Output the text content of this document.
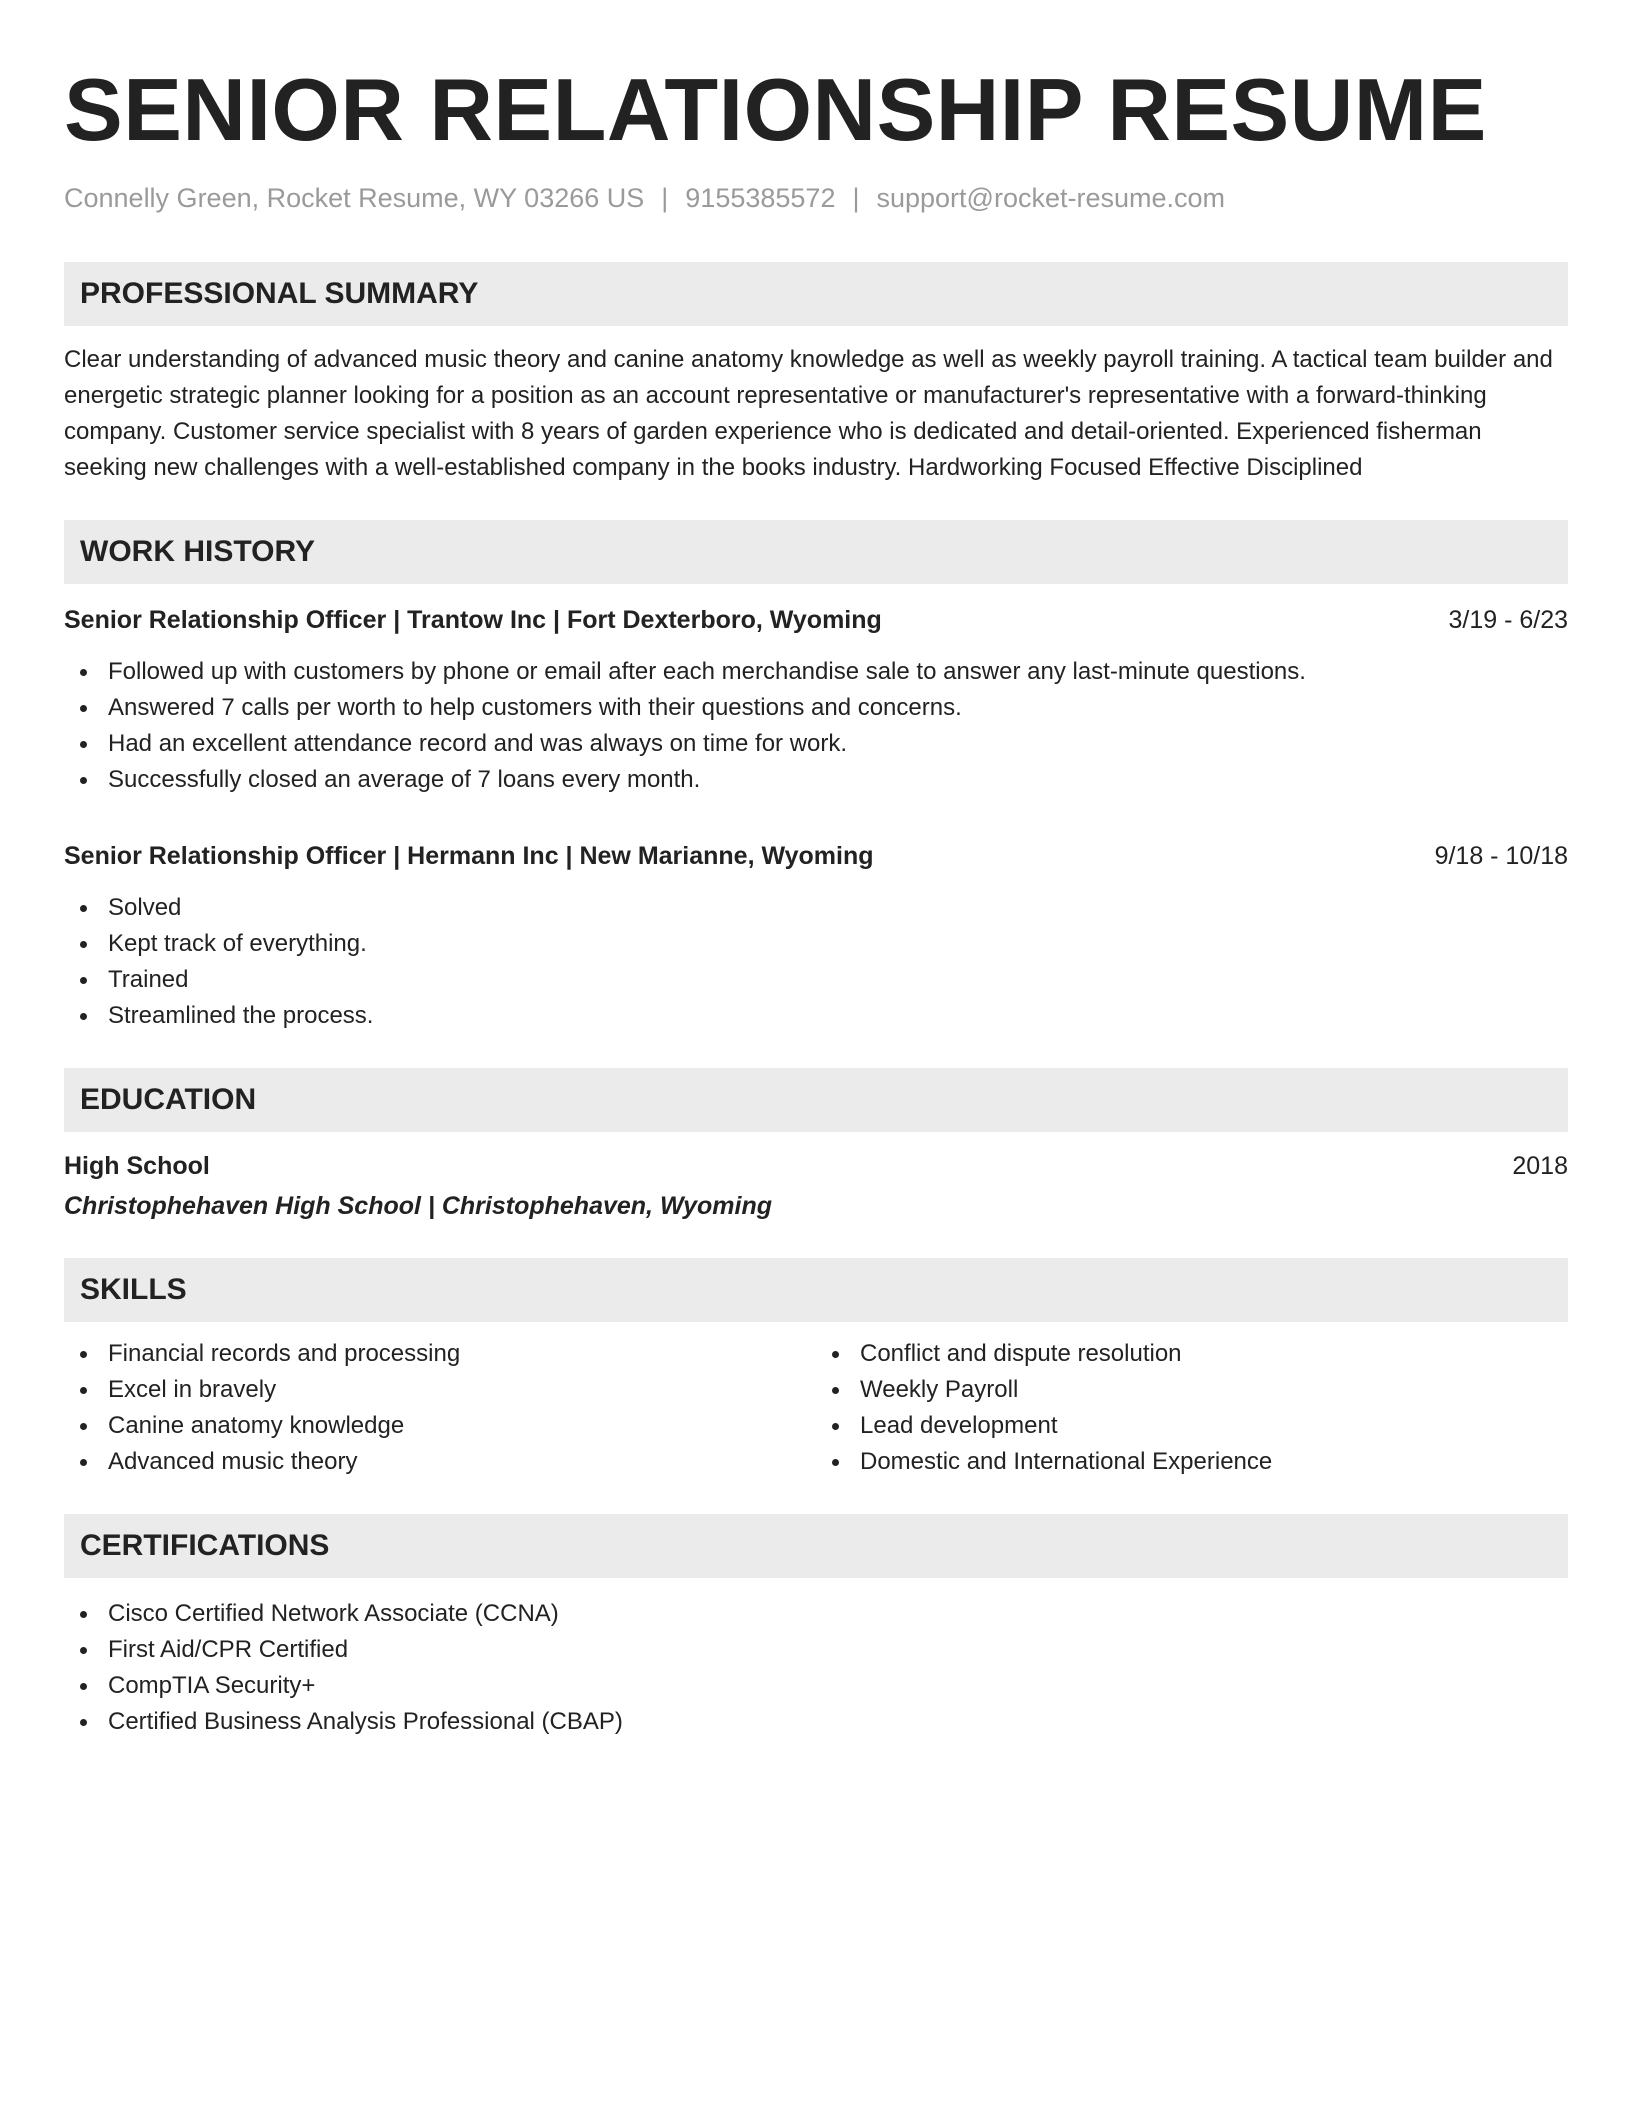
SENIOR RELATIONSHIP RESUME
Connelly Green, Rocket Resume, WY 03266 US | 9155385572 | support@rocket-resume.com
PROFESSIONAL SUMMARY

Clear understanding of advanced music theory and canine anatomy knowledge as well as weekly payroll training. A tactical team builder and energetic strategic planner looking for a position as an account representative or manufacturer's representative with a forward-thinking company. Customer service specialist with 8 years of garden experience who is dedicated and detail-oriented. Experienced fisherman seeking new challenges with a well-established company in the books industry. Hardworking Focused Effective Disciplined

WORK HISTORY
Senior Relationship Officer | Trantow Inc | Fort Dexterboro, Wyoming	3/19 - 6/23
Followed up with customers by phone or email after each merchandise sale to answer any last-minute questions.
Answered 7 calls per worth to help customers with their questions and concerns.
Had an excellent attendance record and was always on time for work.
Successfully closed an average of 7 loans every month.
Senior Relationship Officer | Hermann Inc | New Marianne, Wyoming	9/18 - 10/18
Solved
Kept track of everything.
Trained
Streamlined the process.
EDUCATION
High School	2018
Christophehaven High School | Christophehaven, Wyoming
SKILLS
Financial records and processing
Excel in bravely
Canine anatomy knowledge
Advanced music theory
Conflict and dispute resolution
Weekly Payroll
Lead development
Domestic and International Experience
CERTIFICATIONS
Cisco Certified Network Associate (CCNA)
First Aid/CPR Certified
CompTIA Security+
Certified Business Analysis Professional (CBAP)
